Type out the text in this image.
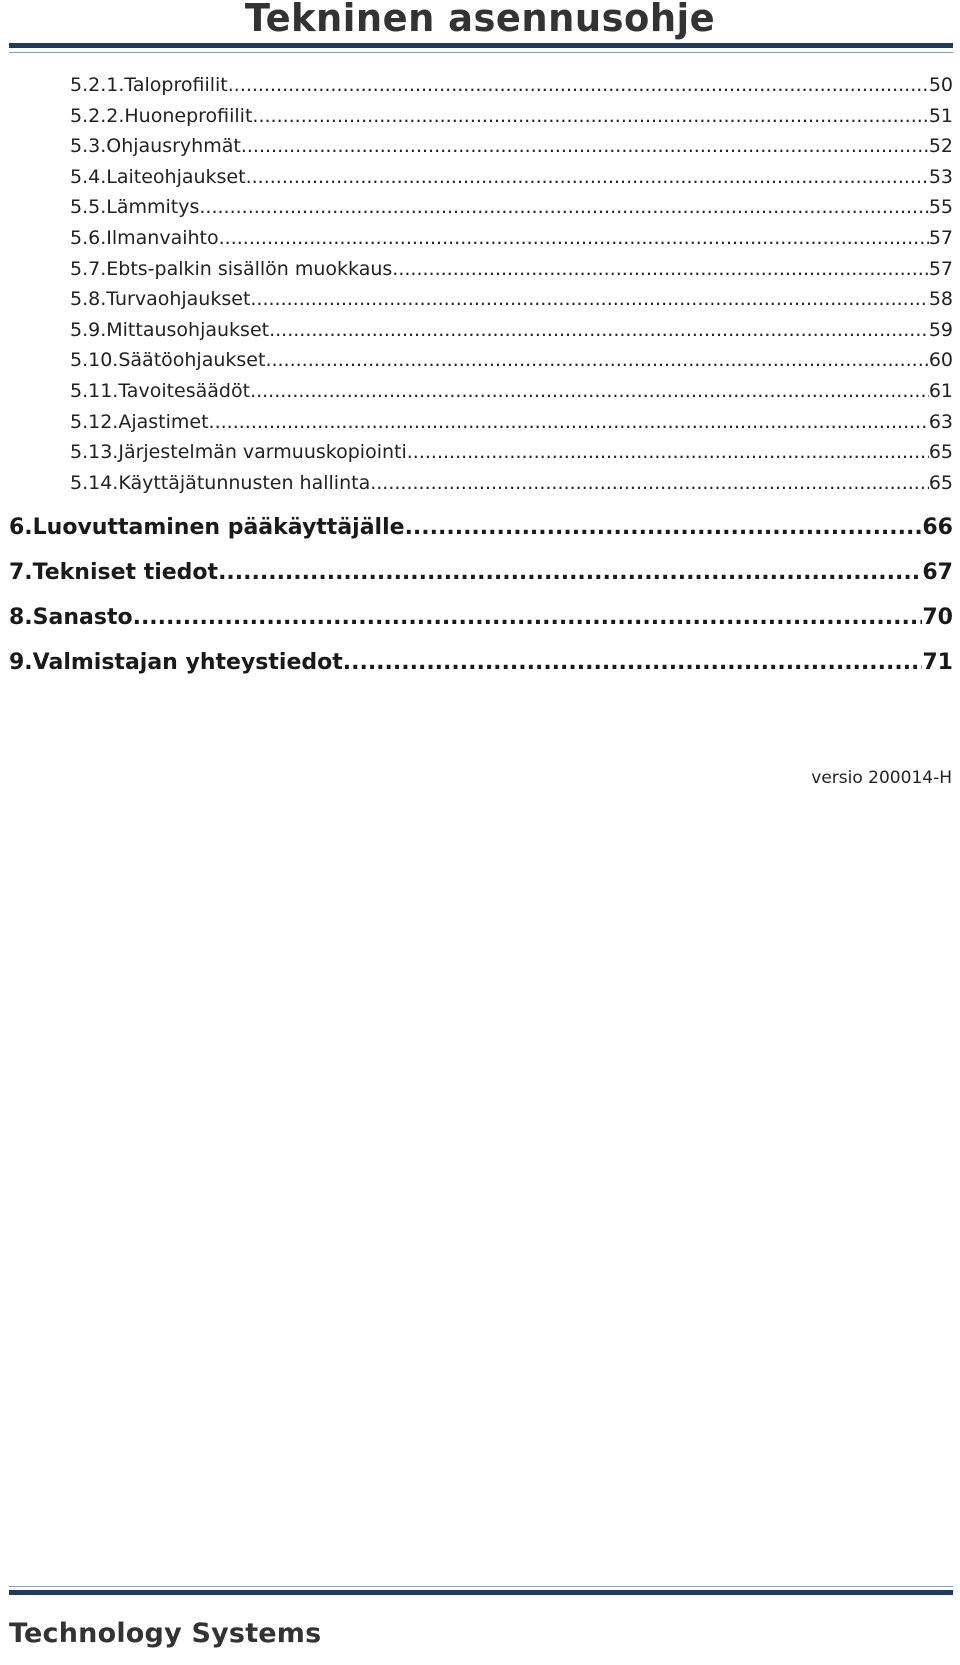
Tekninen asennusohje
5.2.1.Taloprofiilit .....	50
5.2.2.Huoneprofiilit .....	51
5.3.Ohjausryhmät .....	52
5.4.Laiteohjaukset .....	53
5.5.Lämmitys .....	55
5.6.Ilmanvaihto .....	57
5.7.Ebts-palkin sisällön muokkaus .....	57
5.8.Turvaohjaukset .....	58
5.9.Mittausohjaukset .....	59
5.10.Säätöohjaukset .....	60
5.11.Tavoitesäädöt .....	61
5.12.Ajastimet .....	63
5.13.Järjestelmän varmuuskopiointi .....	65
5.14.Käyttäjätunnusten hallinta .....	65
6.Luovuttaminen pääkäyttäjälle .....	66
7.Tekniset tiedot .....	67
8.Sanasto .....	70
9.Valmistajan yhteystiedot .....	71
versio 200014-H
Technology Systems
